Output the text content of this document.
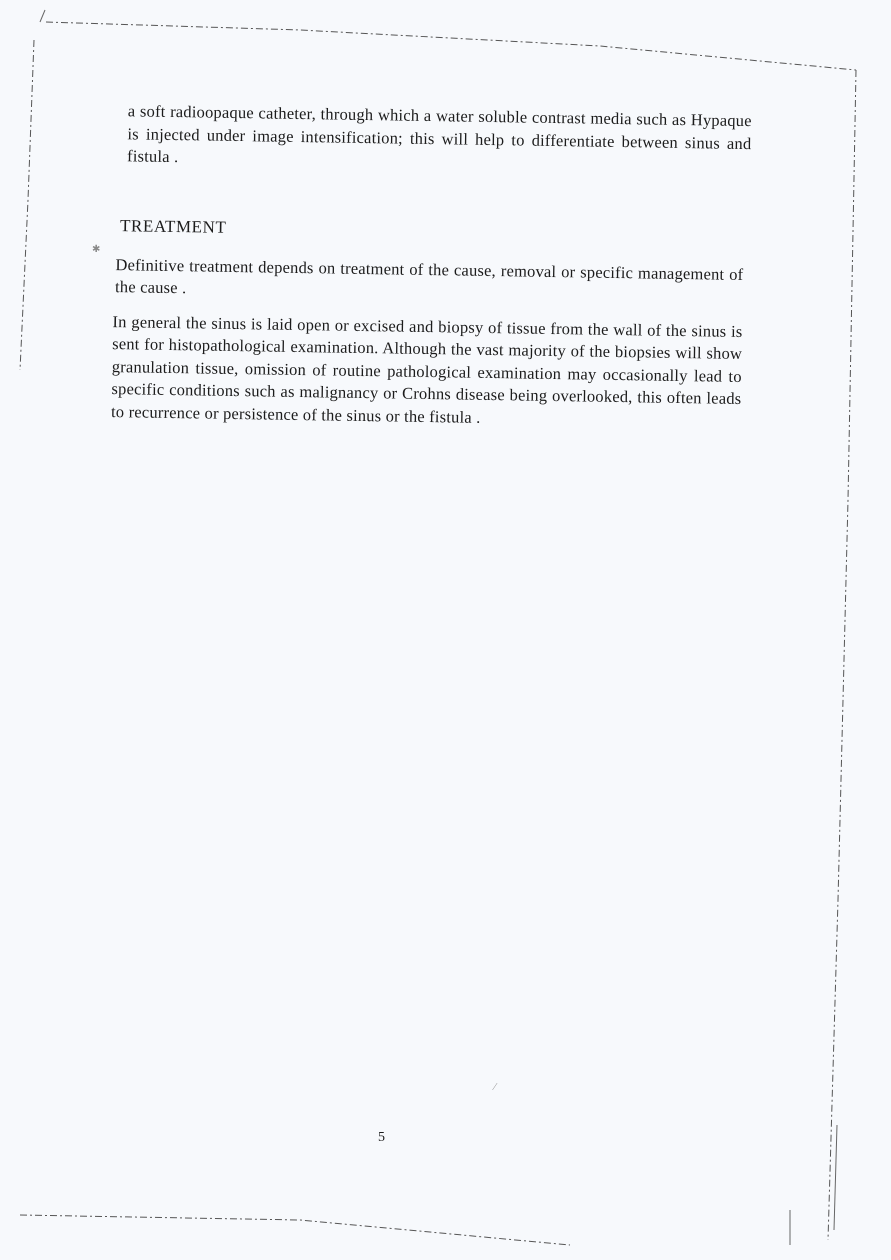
a soft radioopaque catheter, through which a water soluble contrast media such as Hypaque is injected under image intensification; this will help to differentiate between sinus and fistula .

TREATMENT

Definitive treatment depends on treatment of the cause, removal or specific management of the cause .

In general the sinus is laid open or excised and biopsy of tissue from the wall of the sinus is sent for histopathological examination. Although the vast majority of the biopsies will show granulation tissue, omission of routine pathological examination may occasionally lead to specific conditions such as malignancy or Crohns disease being overlooked, this often leads to recurrence or persistence of the sinus or the fistula .

5
✱
⁄
